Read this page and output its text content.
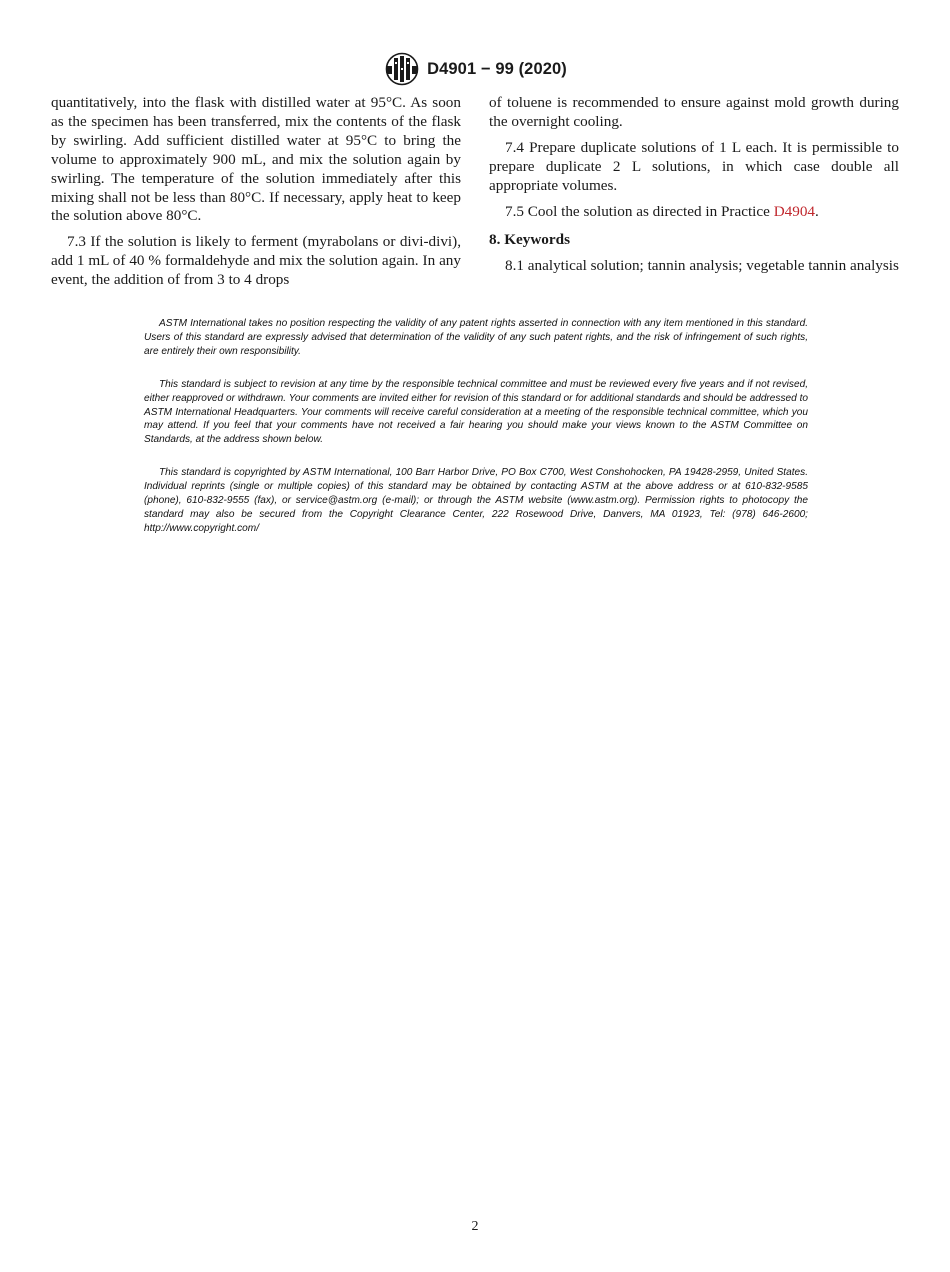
D4901 − 99 (2020)

quantitatively, into the flask with distilled water at 95°C. As soon as the specimen has been transferred, mix the contents of the flask by swirling. Add sufficient distilled water at 95°C to bring the volume to approximately 900 mL, and mix the solution again by swirling. The temperature of the solution immediately after this mixing shall not be less than 80°C. If necessary, apply heat to keep the solution above 80°C.

7.3 If the solution is likely to ferment (myrabolans or divi-divi), add 1 mL of 40 % formaldehyde and mix the solution again. In any event, the addition of from 3 to 4 drops

of toluene is recommended to ensure against mold growth during the overnight cooling.

7.4 Prepare duplicate solutions of 1 L each. It is permissible to prepare duplicate 2 L solutions, in which case double all appropriate volumes.

7.5 Cool the solution as directed in Practice D4904.

8. Keywords

8.1 analytical solution; tannin analysis; vegetable tannin analysis

ASTM International takes no position respecting the validity of any patent rights asserted in connection with any item mentioned in this standard. Users of this standard are expressly advised that determination of the validity of any such patent rights, and the risk of infringement of such rights, are entirely their own responsibility.

This standard is subject to revision at any time by the responsible technical committee and must be reviewed every five years and if not revised, either reapproved or withdrawn. Your comments are invited either for revision of this standard or for additional standards and should be addressed to ASTM International Headquarters. Your comments will receive careful consideration at a meeting of the responsible technical committee, which you may attend. If you feel that your comments have not received a fair hearing you should make your views known to the ASTM Committee on Standards, at the address shown below.

This standard is copyrighted by ASTM International, 100 Barr Harbor Drive, PO Box C700, West Conshohocken, PA 19428-2959, United States. Individual reprints (single or multiple copies) of this standard may be obtained by contacting ASTM at the above address or at 610-832-9585 (phone), 610-832-9555 (fax), or service@astm.org (e-mail); or through the ASTM website (www.astm.org). Permission rights to photocopy the standard may also be secured from the Copyright Clearance Center, 222 Rosewood Drive, Danvers, MA 01923, Tel: (978) 646-2600; http://www.copyright.com/

2
